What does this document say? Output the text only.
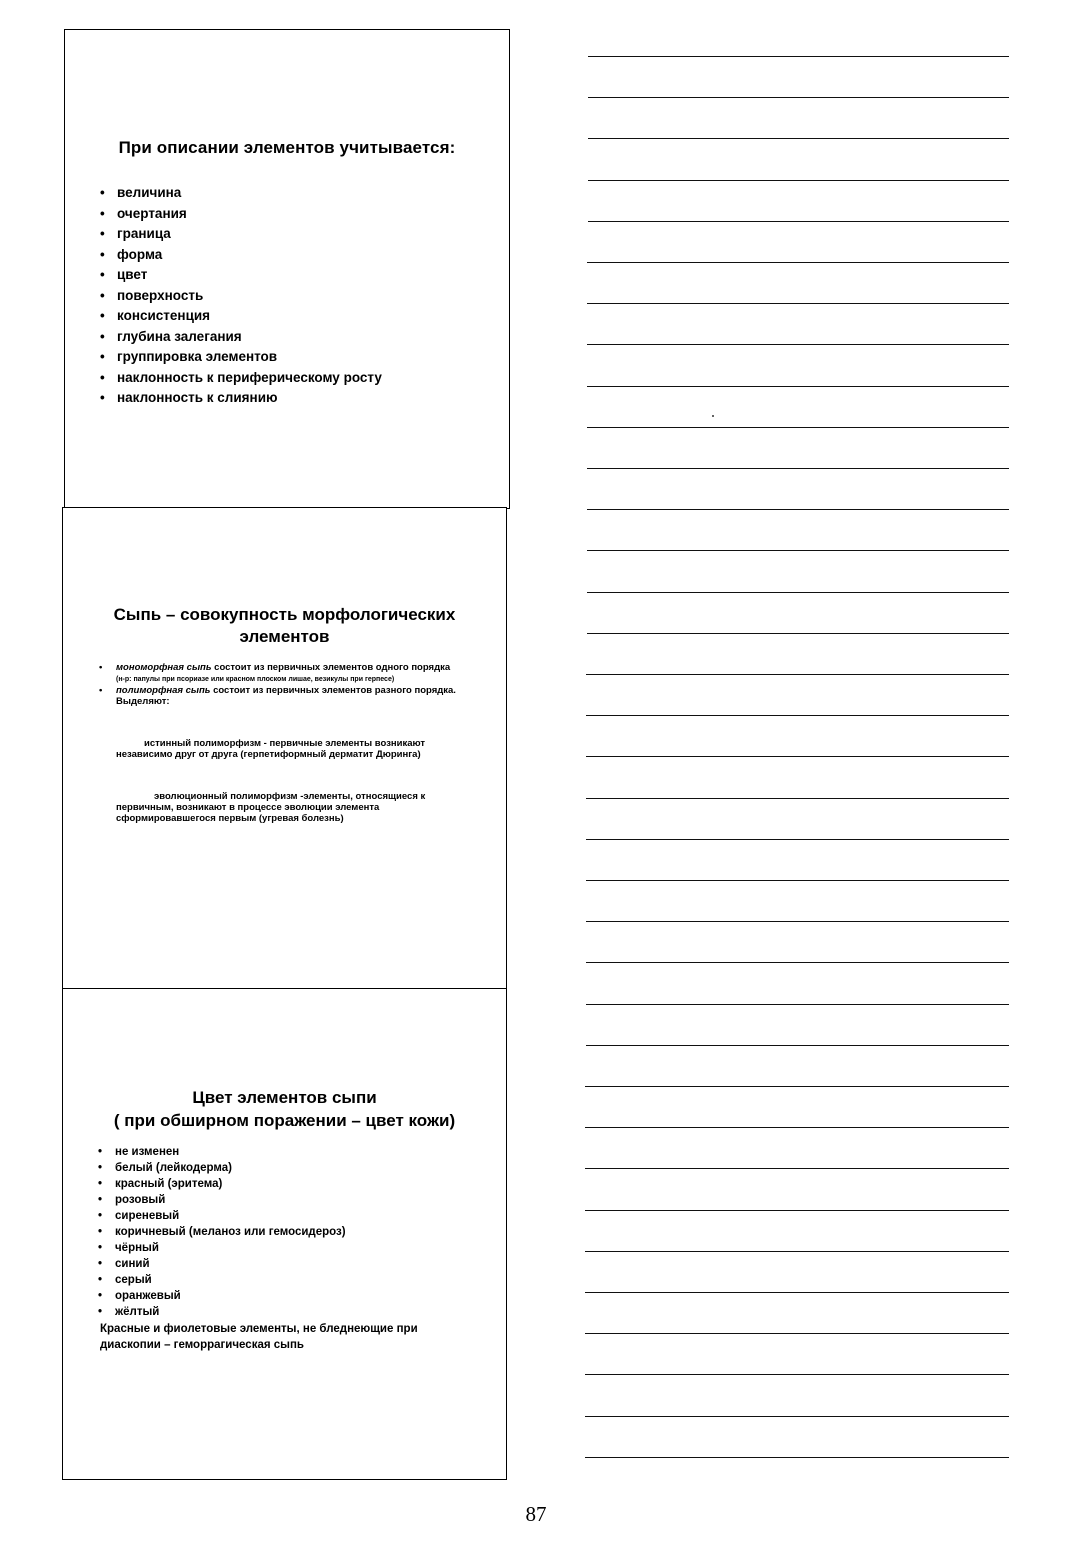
При описании элементов учитывается:
• величина
• очертания
• граница
• форма
• цвет
• поверхность
• консистенция
• глубина залегания
• группировка элементов
• наклонность к периферическому росту
• наклонность к слиянию
Сыпь – совокупность морфологических элементов
• мономорфная сыпь состоит из первичных элементов одного порядка (н-р: папулы при псориазе или красном плоском лишае, везикулы при герпесе)
• полиморфная сыпь состоит из первичных элементов разного порядка. Выделяют:
истинный полиморфизм - первичные элементы возникают независимо друг от друга (герпетиформный дерматит Дюринга)
эволюционный полиморфизм -элементы, относящиеся к первичным, возникают в процессе эволюции элемента сформировавшегося первым (угревая болезнь)
Цвет элементов сыпи
( при обширном поражении – цвет кожи)
• не изменен
• белый (лейкодерма)
• красный (эритема)
• розовый
• сиреневый
• коричневый (меланоз или гемосидероз)
• чёрный
• синий
• серый
• оранжевый
• жёлтый
Красные и фиолетовые элементы, не бледнеющие при диаскопии – геморрагическая сыпь
87
